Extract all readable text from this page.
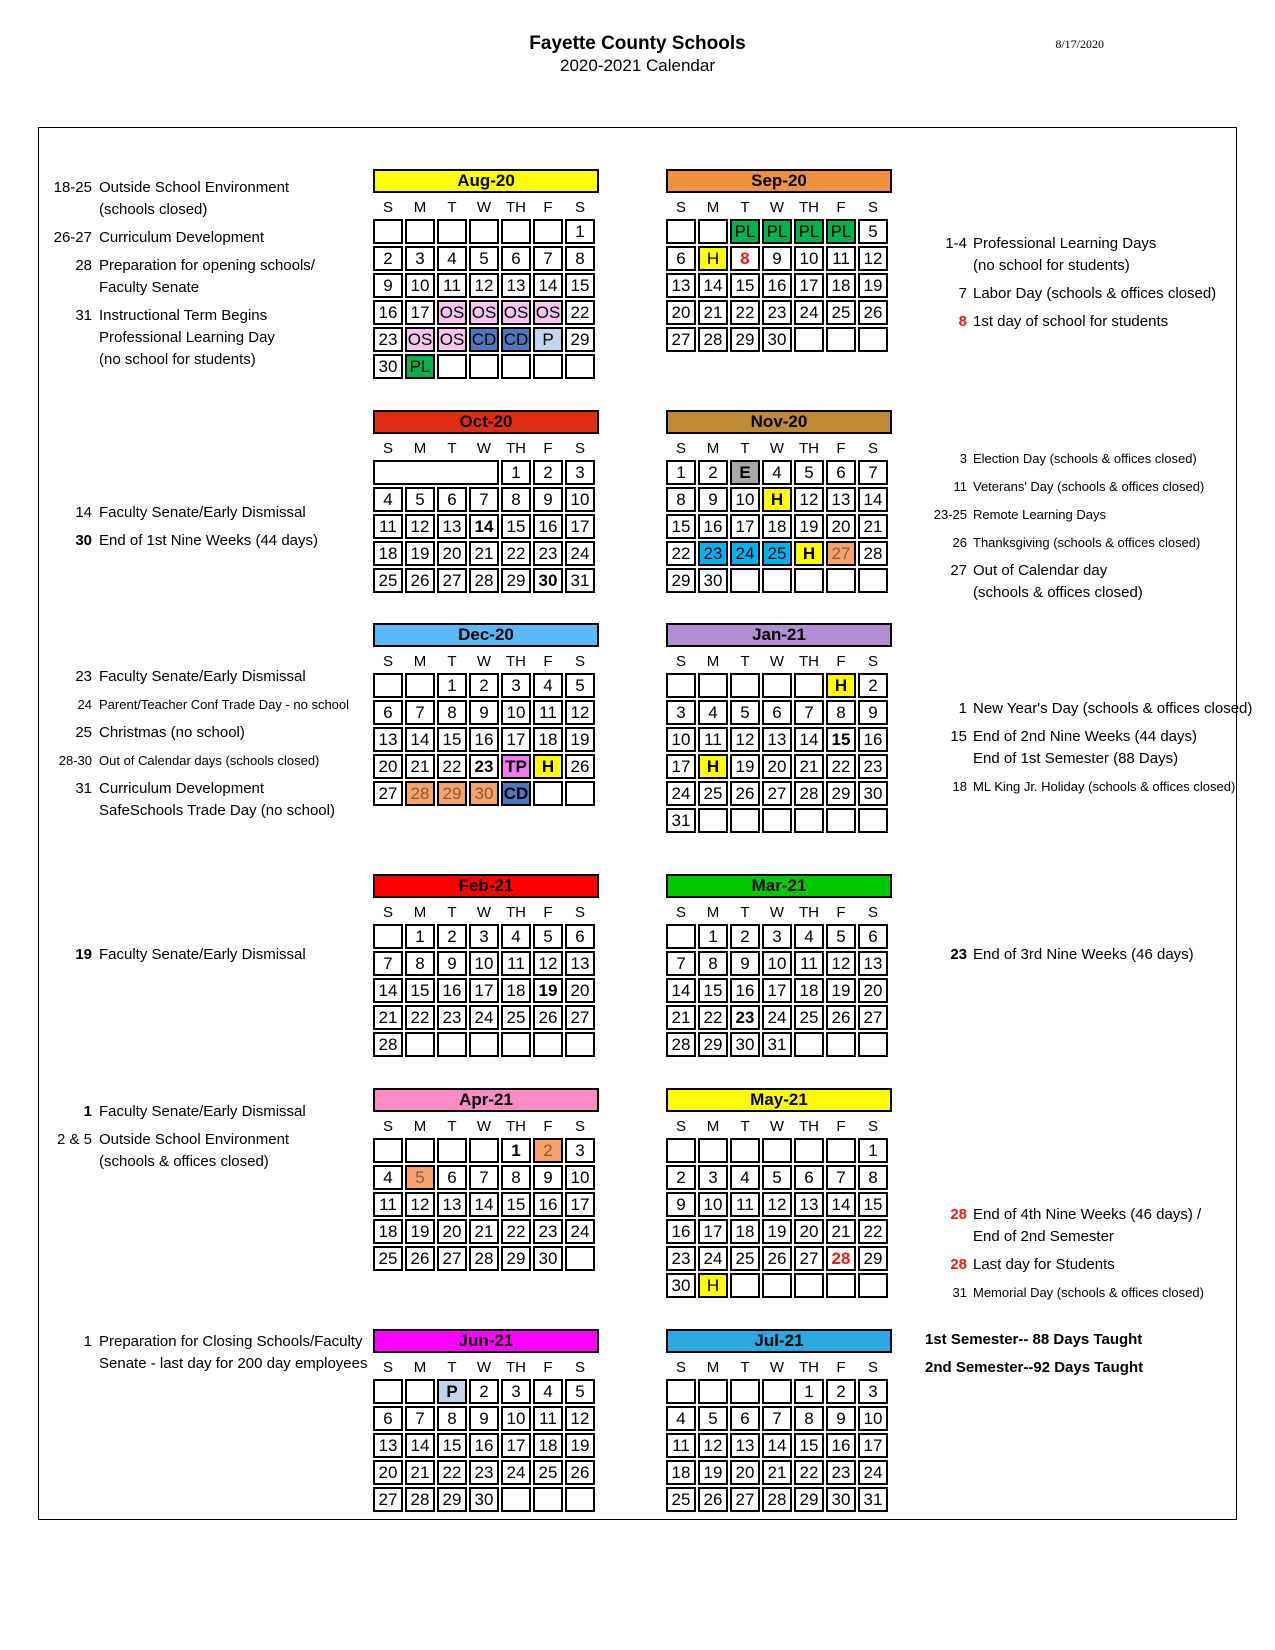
Fayette County Schools
2020-2021 Calendar
8/17/2020
18-25 Outside School Environment
(schools closed)
26-27 Curriculum Development
28 Preparation for opening schools/
Faculty Senate
31 Instructional Term Begins
Professional Learning Day
(no school for students)
14 Faculty Senate/Early Dismissal
30 End of 1st Nine Weeks (44 days)
23 Faculty Senate/Early Dismissal
24 Parent/Teacher Conf Trade Day - no school
25 Christmas (no school)
28-30 Out of Calendar days (schools closed)
31 Curriculum Development
SafeSchools Trade Day (no school)
19 Faculty Senate/Early Dismissal
1 Faculty Senate/Early Dismissal
2 & 5 Outside School Environment
(schools & offices closed)
1 Preparation for Closing Schools/Faculty
Senate - last day for 200 day employees
Aug-20
S	M	T	W	TH	F	S
						1
2	3	4	5	6	7	8
9	10	11	12	13	14	15
16	17	OS	OS	OS	OS	22
23	OS	OS	CD	CD	P	29
30	PL					
Sep-20
S	M	T	W	TH	F	S
		PL	PL	PL	PL	5
6	H	8	9	10	11	12
13	14	15	16	17	18	19
20	21	22	23	24	25	26
27	28	29	30			
Oct-20
S	M	T	W	TH	F	S
				1	2	3
4	5	6	7	8	9	10
11	12	13	14	15	16	17
18	19	20	21	22	23	24
25	26	27	28	29	30	31
Nov-20
S	M	T	W	TH	F	S
1	2	E	4	5	6	7
8	9	10	H	12	13	14
15	16	17	18	19	20	21
22	23	24	25	H	27	28
29	30					
Dec-20
S	M	T	W	TH	F	S
		1	2	3	4	5
6	7	8	9	10	11	12
13	14	15	16	17	18	19
20	21	22	23	TP	H	26
27	28	29	30	CD		
Jan-21
S	M	T	W	TH	F	S
					H	2
3	4	5	6	7	8	9
10	11	12	13	14	15	16
17	H	19	20	21	22	23
24	25	26	27	28	29	30
31						
Feb-21
S	M	T	W	TH	F	S
	1	2	3	4	5	6
7	8	9	10	11	12	13
14	15	16	17	18	19	20
21	22	23	24	25	26	27
28						
Mar-21
S	M	T	W	TH	F	S
	1	2	3	4	5	6
7	8	9	10	11	12	13
14	15	16	17	18	19	20
21	22	23	24	25	26	27
28	29	30	31			
Apr-21
S	M	T	W	TH	F	S
				1	2	3
4	5	6	7	8	9	10
11	12	13	14	15	16	17
18	19	20	21	22	23	24
25	26	27	28	29	30	
May-21
S	M	T	W	TH	F	S
						1
2	3	4	5	6	7	8
9	10	11	12	13	14	15
16	17	18	19	20	21	22
23	24	25	26	27	28	29
30	H					
Jun-21
S	M	T	W	TH	F	S
		P	2	3	4	5
6	7	8	9	10	11	12
13	14	15	16	17	18	19
20	21	22	23	24	25	26
27	28	29	30			
Jul-21
S	M	T	W	TH	F	S
				1	2	3
4	5	6	7	8	9	10
11	12	13	14	15	16	17
18	19	20	21	22	23	24
25	26	27	28	29	30	31
1-4 Professional Learning Days
(no school for students)
7 Labor Day (schools & offices closed)
8 1st day of school for students
3 Election Day (schools & offices closed)
11 Veterans' Day (schools & offices closed)
23-25 Remote Learning Days
26 Thanksgiving (schools & offices closed)
27 Out of Calendar day
(schools & offices closed)
1 New Year's Day (schools & offices closed)
15 End of 2nd Nine Weeks (44 days)
End of 1st Semester (88 Days)
18 ML King Jr. Holiday (schools & offices closed)
23 End of 3rd Nine Weeks (46 days)
28 End of 4th Nine Weeks (46 days) /
End of 2nd Semester
28 Last day for Students
31 Memorial Day (schools & offices closed)
1st Semester-- 88 Days Taught
2nd Semester--92 Days Taught
